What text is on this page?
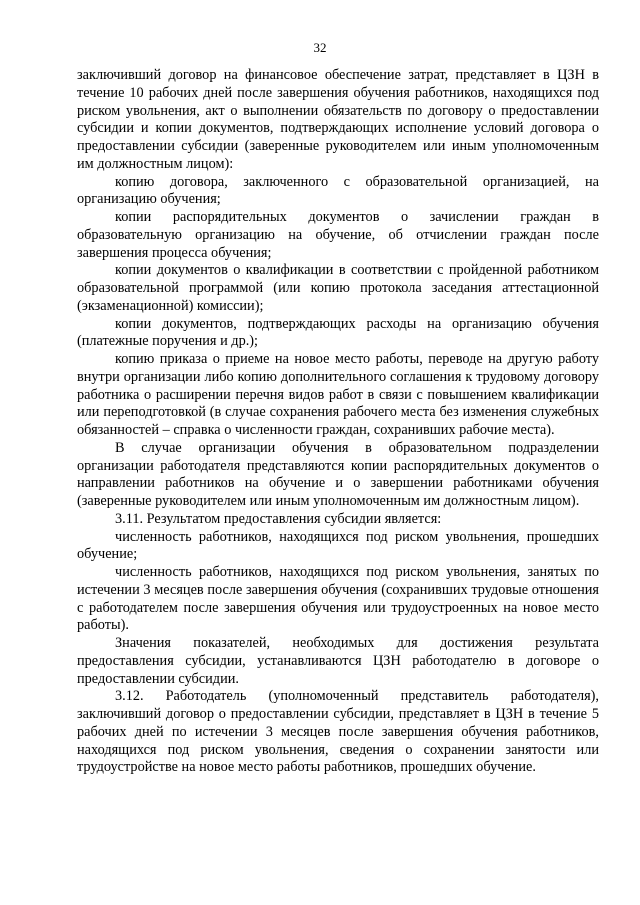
32

заключивший договор на финансовое обеспечение затрат, представляет в ЦЗН в течение 10 рабочих дней после завершения обучения работников, находящихся под риском увольнения, акт о выполнении обязательств по договору о предоставлении субсидии и копии документов, подтверждающих исполнение условий договора о предоставлении субсидии (заверенные руководителем или иным уполномоченным им должностным лицом):

копию договора, заключенного с образовательной организацией, на организацию обучения;

копии распорядительных документов о зачислении граждан в образовательную организацию на обучение, об отчислении граждан после завершения процесса обучения;

копии документов о квалификации в соответствии с пройденной работником образовательной программой (или копию протокола заседания аттестационной (экзаменационной) комиссии);

копии документов, подтверждающих расходы на организацию обучения (платежные поручения и др.);

копию приказа о приеме на новое место работы, переводе на другую работу внутри организации либо копию дополнительного соглашения к трудовому договору работника о расширении перечня видов работ в связи с повышением квалификации или переподготовкой (в случае сохранения рабочего места без изменения служебных обязанностей – справка о численности граждан, сохранивших рабочие места).

В случае организации обучения в образовательном подразделении организации работодателя представляются копии распорядительных документов о направлении работников на обучение и о завершении работниками обучения (заверенные руководителем или иным уполномоченным им должностным лицом).

3.11. Результатом предоставления субсидии является:

численность работников, находящихся под риском увольнения, прошедших обучение;

численность работников, находящихся под риском увольнения, занятых по истечении 3 месяцев после завершения обучения (сохранивших трудовые отношения с работодателем после завершения обучения или трудоустроенных на новое место работы).

Значения показателей, необходимых для достижения результата предоставления субсидии, устанавливаются ЦЗН работодателю в договоре о предоставлении субсидии.

3.12. Работодатель (уполномоченный представитель работодателя), заключивший договор о предоставлении субсидии, представляет в ЦЗН в течение 5 рабочих дней по истечении 3 месяцев после завершения обучения работников, находящихся под риском увольнения, сведения о сохранении занятости или трудоустройстве на новое место работы работников, прошедших обучение.
